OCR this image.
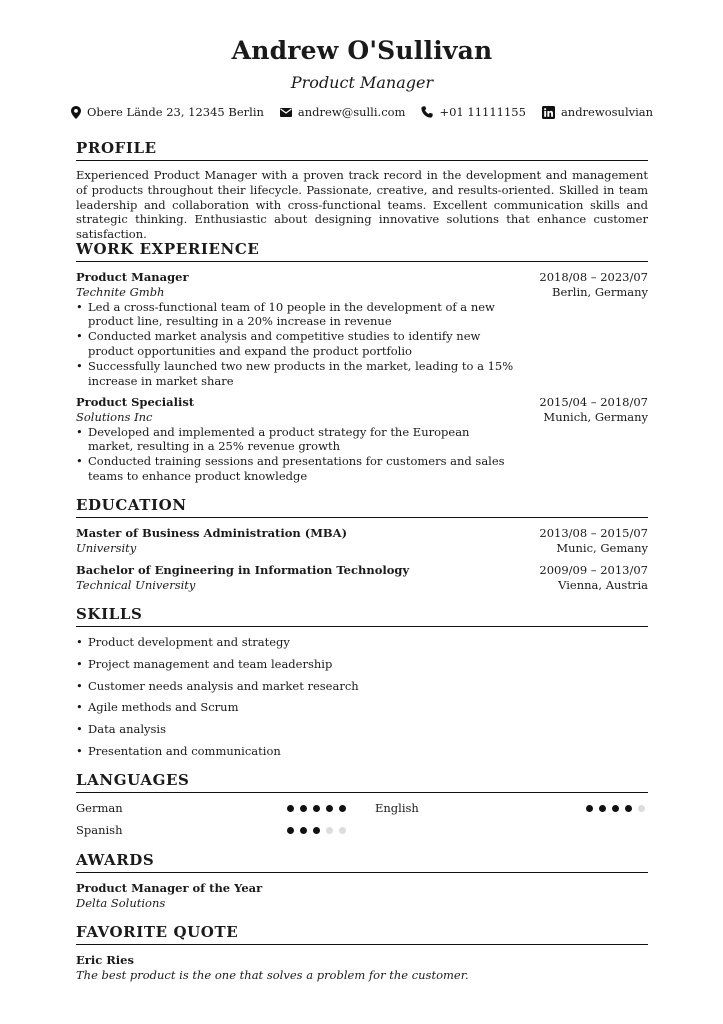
Andrew O'Sullivan
Product Manager
Obere Lände 23, 12345 Berlin	andrew@sulli.com	+01 11111155	andrewosulvian
PROFILE
Experienced Product Manager with a proven track record in the development and management of products throughout their lifecycle. Passionate, creative, and results-oriented. Skilled in team leadership and collaboration with cross-functional teams. Excellent communication skills and strategic thinking. Enthusiastic about designing innovative solutions that enhance customer satisfaction.
WORK EXPERIENCE
Product Manager	2018/08 – 2023/07
Technite Gmbh	Berlin, Germany
• Led a cross-functional team of 10 people in the development of a new product line, resulting in a 20% increase in revenue
• Conducted market analysis and competitive studies to identify new product opportunities and expand the product portfolio
• Successfully launched two new products in the market, leading to a 15% increase in market share
Product Specialist	2015/04 – 2018/07
Solutions Inc	Munich, Germany
• Developed and implemented a product strategy for the European market, resulting in a 25% revenue growth
• Conducted training sessions and presentations for customers and sales teams to enhance product knowledge
EDUCATION
Master of Business Administration (MBA)	2013/08 – 2015/07
University	Munic, Gemany
Bachelor of Engineering in Information Technology	2009/09 – 2013/07
Technical University	Vienna, Austria
SKILLS
• Product development and strategy
• Project management and team leadership
• Customer needs analysis and market research
• Agile methods and Scrum
• Data analysis
• Presentation and communication
LANGUAGES
German	English
Spanish
AWARDS
Product Manager of the Year
Delta Solutions
FAVORITE QUOTE
Eric Ries
The best product is the one that solves a problem for the customer.
